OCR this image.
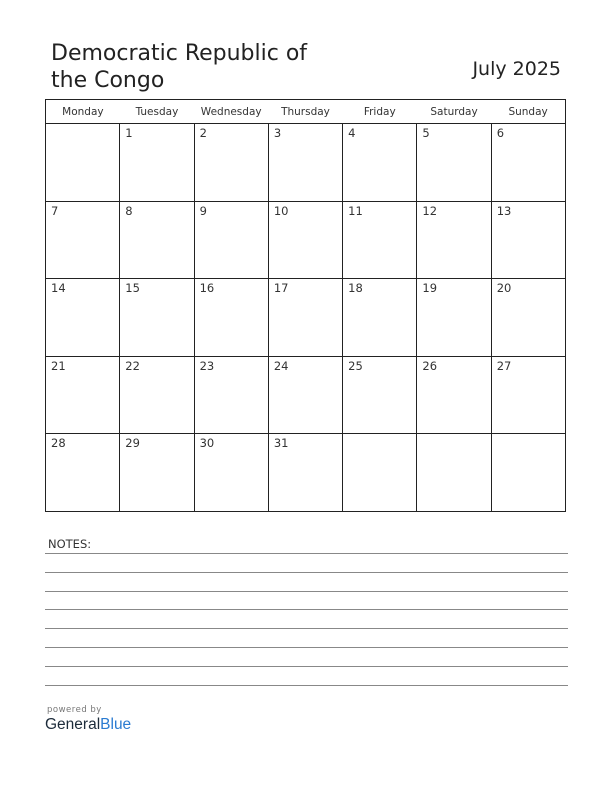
Democratic Republic of
the Congo	July 2025
Monday	Tuesday	Wednesday	Thursday	Friday	Saturday	Sunday

	1	2	3	4	5	6

7	8	9	10	11	12	13

14	15	16	17	18	19	20

21	22	23	24	25	26	27

28	29	30	31			

NOTES:
powered by
GeneralBlue
